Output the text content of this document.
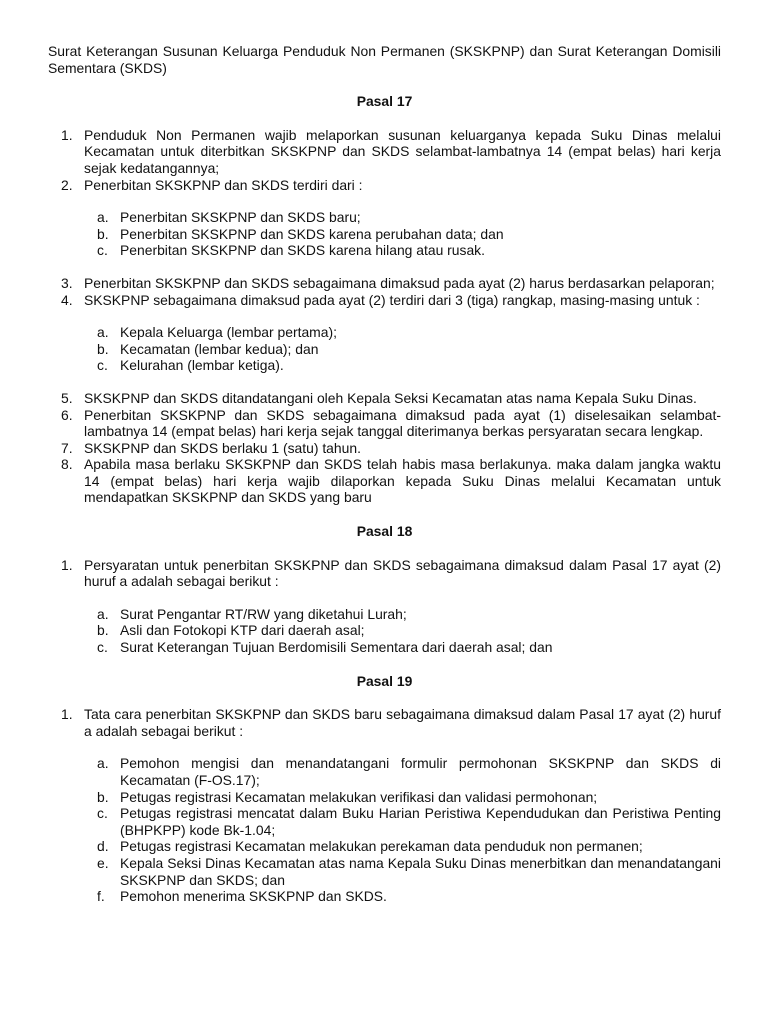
Surat Keterangan Susunan Keluarga Penduduk Non Permanen (SKSKPNP) dan Surat Keterangan Domisili Sementara (SKDS)

Pasal 17

1. Penduduk Non Permanen wajib melaporkan susunan keluarganya kepada Suku Dinas melalui Kecamatan untuk diterbitkan SKSKPNP dan SKDS selambat-lambatnya 14 (empat belas) hari kerja sejak kedatangannya;
2. Penerbitan SKSKPNP dan SKDS terdiri dari :
a. Penerbitan SKSKPNP dan SKDS baru;
b. Penerbitan SKSKPNP dan SKDS karena perubahan data; dan
c. Penerbitan SKSKPNP dan SKDS karena hilang atau rusak.
3. Penerbitan SKSKPNP dan SKDS sebagaimana dimaksud pada ayat (2) harus berdasarkan pelaporan;
4. SKSKPNP sebagaimana dimaksud pada ayat (2) terdiri dari 3 (tiga) rangkap, masing-masing untuk :
a. Kepala Keluarga (lembar pertama);
b. Kecamatan (lembar kedua); dan
c. Kelurahan (lembar ketiga).
5. SKSKPNP dan SKDS ditandatangani oleh Kepala Seksi Kecamatan atas nama Kepala Suku Dinas.
6. Penerbitan SKSKPNP dan SKDS sebagaimana dimaksud pada ayat (1) diselesaikan selambat-lambatnya 14 (empat belas) hari kerja sejak tanggal diterimanya berkas persyaratan secara lengkap.
7. SKSKPNP dan SKDS berlaku 1 (satu) tahun.
8. Apabila masa berlaku SKSKPNP dan SKDS telah habis masa berlakunya. maka dalam jangka waktu 14 (empat belas) hari kerja wajib dilaporkan kepada Suku Dinas melalui Kecamatan untuk mendapatkan SKSKPNP dan SKDS yang baru

Pasal 18

1. Persyaratan untuk penerbitan SKSKPNP dan SKDS sebagaimana dimaksud dalam Pasal 17 ayat (2) huruf a adalah sebagai berikut :
a. Surat Pengantar RT/RW yang diketahui Lurah;
b. Asli dan Fotokopi KTP dari daerah asal;
c. Surat Keterangan Tujuan Berdomisili Sementara dari daerah asal; dan

Pasal 19

1. Tata cara penerbitan SKSKPNP dan SKDS baru sebagaimana dimaksud dalam Pasal 17 ayat (2) huruf a adalah sebagai berikut :
a. Pemohon mengisi dan menandatangani formulir permohonan SKSKPNP dan SKDS di Kecamatan (F-OS.17);
b. Petugas registrasi Kecamatan melakukan verifikasi dan validasi permohonan;
c. Petugas registrasi mencatat dalam Buku Harian Peristiwa Kependudukan dan Peristiwa Penting (BHPKPP) kode Bk-1.04;
d. Petugas registrasi Kecamatan melakukan perekaman data penduduk non permanen;
e. Kepala Seksi Dinas Kecamatan atas nama Kepala Suku Dinas menerbitkan dan menandatangani SKSKPNP dan SKDS; dan
f. Pemohon menerima SKSKPNP dan SKDS.
